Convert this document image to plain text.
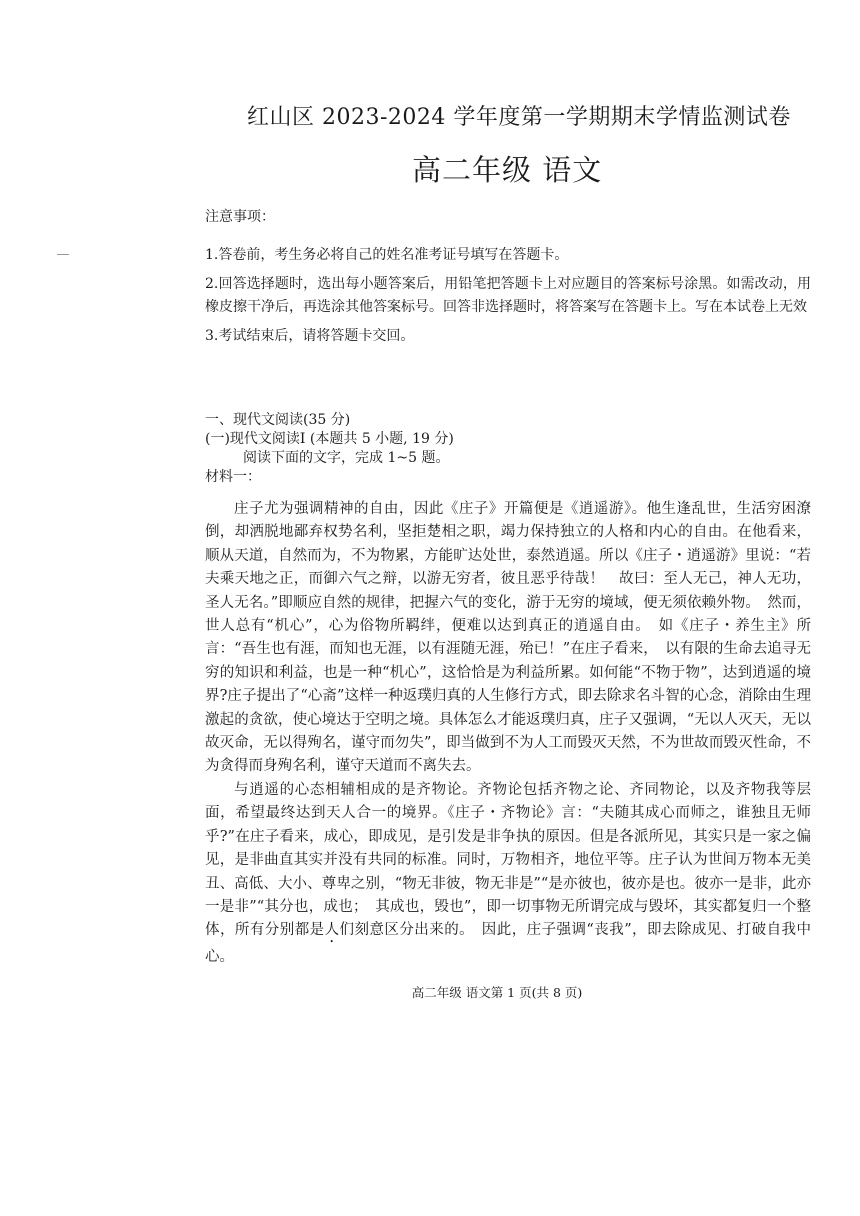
红山区 2023-2024 学年度第一学期期末学情监测试卷
高二年级 语文
注意事项：

1.答卷前，考生务必将自己的姓名准考证号填写在答题卡。

2.回答选择题时，选出每小题答案后，用铅笔把答题卡上对应题目的答案标号涂黑。如需改动，用橡皮擦干净后，再选涂其他答案标号。回答非选择题时，将答案写在答题卡上。写在本试卷上无效

3.考试结束后，请将答题卡交回。

一、现代文阅读(35 分)
(一)现代文阅读Ⅰ (本题共 5 小题, 19 分)
阅读下面的文字，完成 1~5 题。
材料一：

庄子尤为强调精神的自由，因此《庄子》开篇便是《逍遥游》。他生逢乱世，生活穷困潦倒，却洒脱地鄙弃权势名利，坚拒楚相之职，竭力保持独立的人格和内心的自由。在他看来，顺从天道，自然而为，不为物累，方能旷达处世，泰然逍遥。所以《庄子・逍遥游》里说：“若夫乘天地之正，而御六气之辩，以游无穷者，彼且恶乎待哉！　故曰：至人无己，神人无功，圣人无名。”即顺应自然的规律，把握六气的变化，游于无穷的境域，便无须依赖外物。　然而，世人总有“机心”，心为俗物所羁绊，便难以达到真正的逍遥自由。　如《庄子・养生主》所言：“吾生也有涯，而知也无涯，以有涯随无涯，殆已！”在庄子看来，　以有限的生命去追寻无穷的知识和利益，也是一种“机心”，这恰恰是为利益所累。如何能“不物于物”，达到逍遥的境界?庄子提出了“心斋”这样一种返璞归真的人生修行方式，即去除求名斗智的心念，消除由生理激起的贪欲，使心境达于空明之境。具体怎么才能返璞归真，庄子又强调，“无以人灭天，无以故灭命，无以得殉名，谨守而勿失”，即当做到不为人工而毁灭天然，不为世故而毁灭性命，不为贪得而身殉名利，谨守天道而不离失去。

与逍遥的心态相辅相成的是齐物论。齐物论包括齐物之论、齐同物论，以及齐物我等层面，希望最终达到天人合一的境界。《庄子・齐物论》言：“夫随其成心而师之，谁独且无师乎?”在庄子看来，成心，即成见，是引发是非争执的原因。但是各派所见，其实只是一家之偏见，是非曲直其实并没有共同的标准。同时，万物相齐，地位平等。庄子认为世间万物本无美丑、高低、大小、尊卑之别，“物无非彼，物无非是”“是亦彼也，彼亦是也。彼亦一是非，此亦一是非”“其分也，成也；　其成也，毁也”，即一切事物无所谓完成与毁坏，其实都复归一个整体，所有分别都是人们刻意区分出来的。　因此，庄子强调“丧我”，即去除成见、打破自我中心。

高二年级 语文第 1 页(共 8 页)
